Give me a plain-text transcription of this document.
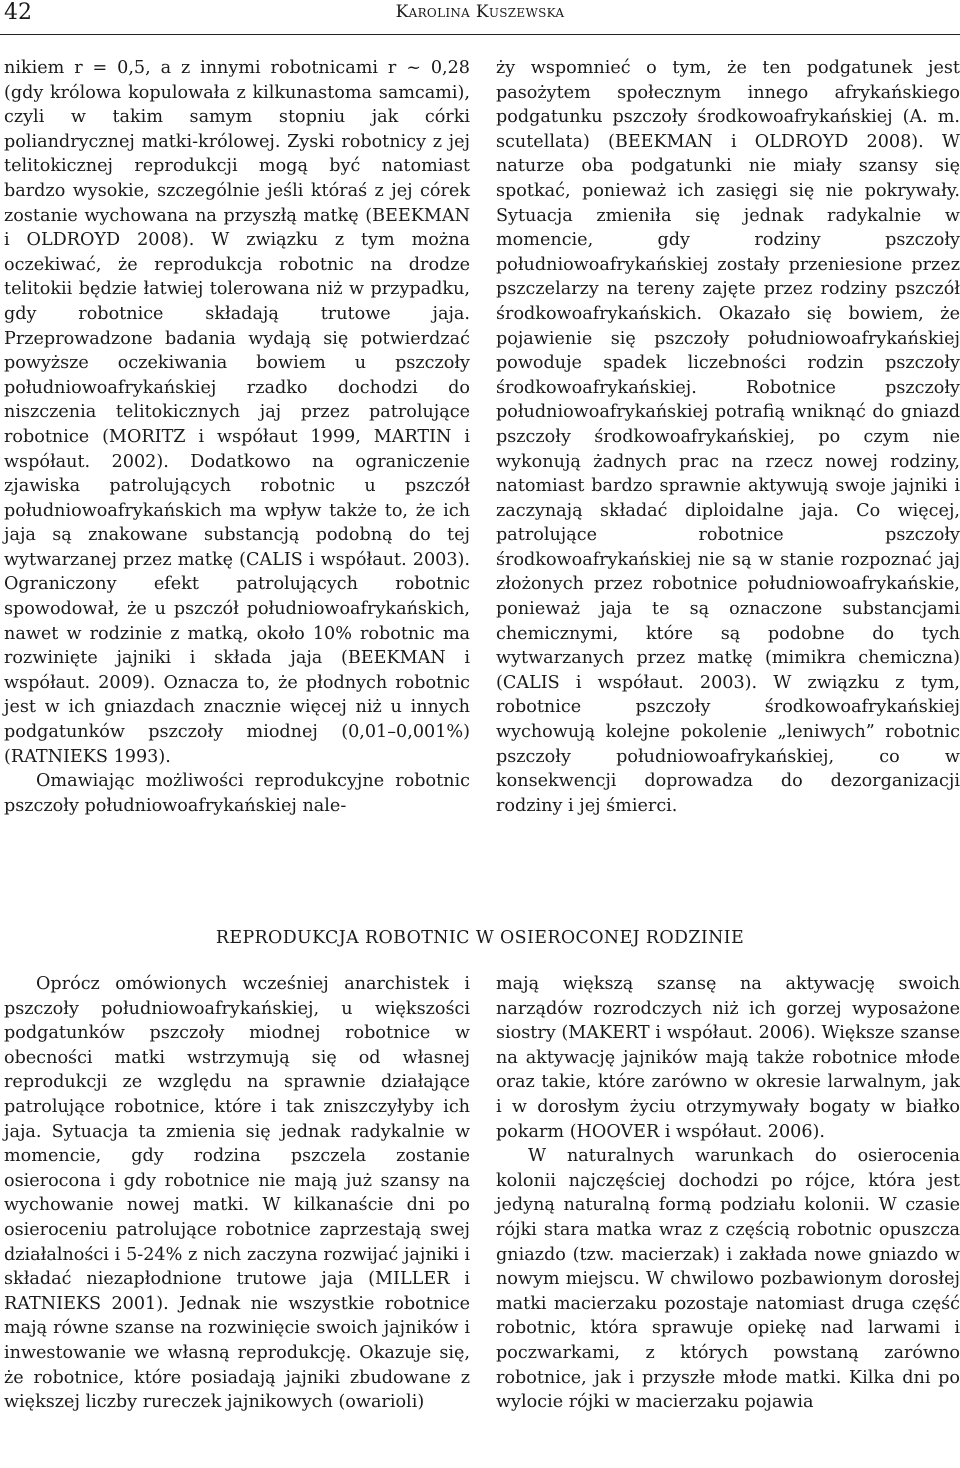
42	Karolina Kuszewska

nikiem r = 0,5, a z innymi robotnicami r ~ 0,28 (gdy królowa kopulowała z kilkunastoma samcami), czyli w takim samym stopniu jak córki poliandrycznej matki-królowej. Zyski robotnicy z jej telitokicznej reprodukcji mogą być natomiast bardzo wysokie, szczególnie jeśli któraś z jej córek zostanie wychowana na przyszłą matkę (BEEKMAN i OLDROYD 2008). W związku z tym można oczekiwać, że reprodukcja robotnic na drodze telitokii będzie łatwiej tolerowana niż w przypadku, gdy robotnice składają trutowe jaja. Przeprowadzone badania wydają się potwierdzać powyższe oczekiwania bowiem u pszczoły południowoafrykańskiej rzadko dochodzi do niszczenia telitokicznych jaj przez patrolujące robotnice (MORITZ i współaut 1999, MARTIN i współaut. 2002). Dodatkowo na ograniczenie zjawiska patrolujących robotnic u pszczół południowoafrykańskich ma wpływ także to, że ich jaja są znakowane substancją podobną do tej wytwarzanej przez matkę (CALIS i współaut. 2003). Ograniczony efekt patrolujących robotnic spowodował, że u pszczół południowoafrykańskich, nawet w rodzinie z matką, około 10% robotnic ma rozwinięte jajniki i składa jaja (BEEKMAN i współaut. 2009). Oznacza to, że płodnych robotnic jest w ich gniazdach znacznie więcej niż u innych podgatunków pszczoły miodnej (0,01–0,001%) (RATNIEKS 1993).

Omawiając możliwości reprodukcyjne robotnic pszczoły południowoafrykańskiej nale-

ży wspomnieć o tym, że ten podgatunek jest pasożytem społecznym innego afrykańskiego podgatunku pszczoły środkowoafrykańskiej (A. m. scutellata) (BEEKMAN i OLDROYD 2008). W naturze oba podgatunki nie miały szansy się spotkać, ponieważ ich zasięgi się nie pokrywały. Sytuacja zmieniła się jednak radykalnie w momencie, gdy rodziny pszczoły południowoafrykańskiej zostały przeniesione przez pszczelarzy na tereny zajęte przez rodziny pszczół środkowoafrykańskich. Okazało się bowiem, że pojawienie się pszczoły południowoafrykańskiej powoduje spadek liczebności rodzin pszczoły środkowoafrykańskiej. Robotnice pszczoły południowoafrykańskiej potrafią wniknąć do gniazd pszczoły środkowoafrykańskiej, po czym nie wykonują żadnych prac na rzecz nowej rodziny, natomiast bardzo sprawnie aktywują swoje jajniki i zaczynają składać diploidalne jaja. Co więcej, patrolujące robotnice pszczoły środkowoafrykańskiej nie są w stanie rozpoznać jaj złożonych przez robotnice południowoafrykańskie, ponieważ jaja te są oznaczone substancjami chemicznymi, które są podobne do tych wytwarzanych przez matkę (mimikra chemiczna) (CALIS i współaut. 2003). W związku z tym, robotnice pszczoły środkowoafrykańskiej wychowują kolejne pokolenie „leniwych” robotnic pszczoły południowoafrykańskiej, co w konsekwencji doprowadza do dezorganizacji rodziny i jej śmierci.

REPRODUKCJA ROBOTNIC W OSIEROCONEJ RODZINIE

Oprócz omówionych wcześniej anarchistek i pszczoły południowoafrykańskiej, u większości podgatunków pszczoły miodnej robotnice w obecności matki wstrzymują się od własnej reprodukcji ze względu na sprawnie działające patrolujące robotnice, które i tak zniszczyłyby ich jaja. Sytuacja ta zmienia się jednak radykalnie w momencie, gdy rodzina pszczela zostanie osierocona i gdy robotnice nie mają już szansy na wychowanie nowej matki. W kilkanaście dni po osieroceniu patrolujące robotnice zaprzestają swej działalności i 5-24% z nich zaczyna rozwijać jajniki i składać niezapłodnione trutowe jaja (MILLER i RATNIEKS 2001). Jednak nie wszystkie robotnice mają równe szanse na rozwinięcie swoich jajników i inwestowanie we własną reprodukcję. Okazuje się, że robotnice, które posiadają jajniki zbudowane z większej liczby rureczek jajnikowych (owarioli)

mają większą szansę na aktywację swoich narządów rozrodczych niż ich gorzej wyposażone siostry (MAKERT i współaut. 2006). Większe szanse na aktywację jajników mają także robotnice młode oraz takie, które zarówno w okresie larwalnym, jak i w dorosłym życiu otrzymywały bogaty w białko pokarm (HOOVER i współaut. 2006).

W naturalnych warunkach do osierocenia kolonii najczęściej dochodzi po rójce, która jest jedyną naturalną formą podziału kolonii. W czasie rójki stara matka wraz z częścią robotnic opuszcza gniazdo (tzw. macierzak) i zakłada nowe gniazdo w nowym miejscu. W chwilowo pozbawionym dorosłej matki macierzaku pozostaje natomiast druga część robotnic, która sprawuje opiekę nad larwami i poczwarkami, z których powstaną zarówno robotnice, jak i przyszłe młode matki. Kilka dni po wylocie rójki w macierzaku pojawia
